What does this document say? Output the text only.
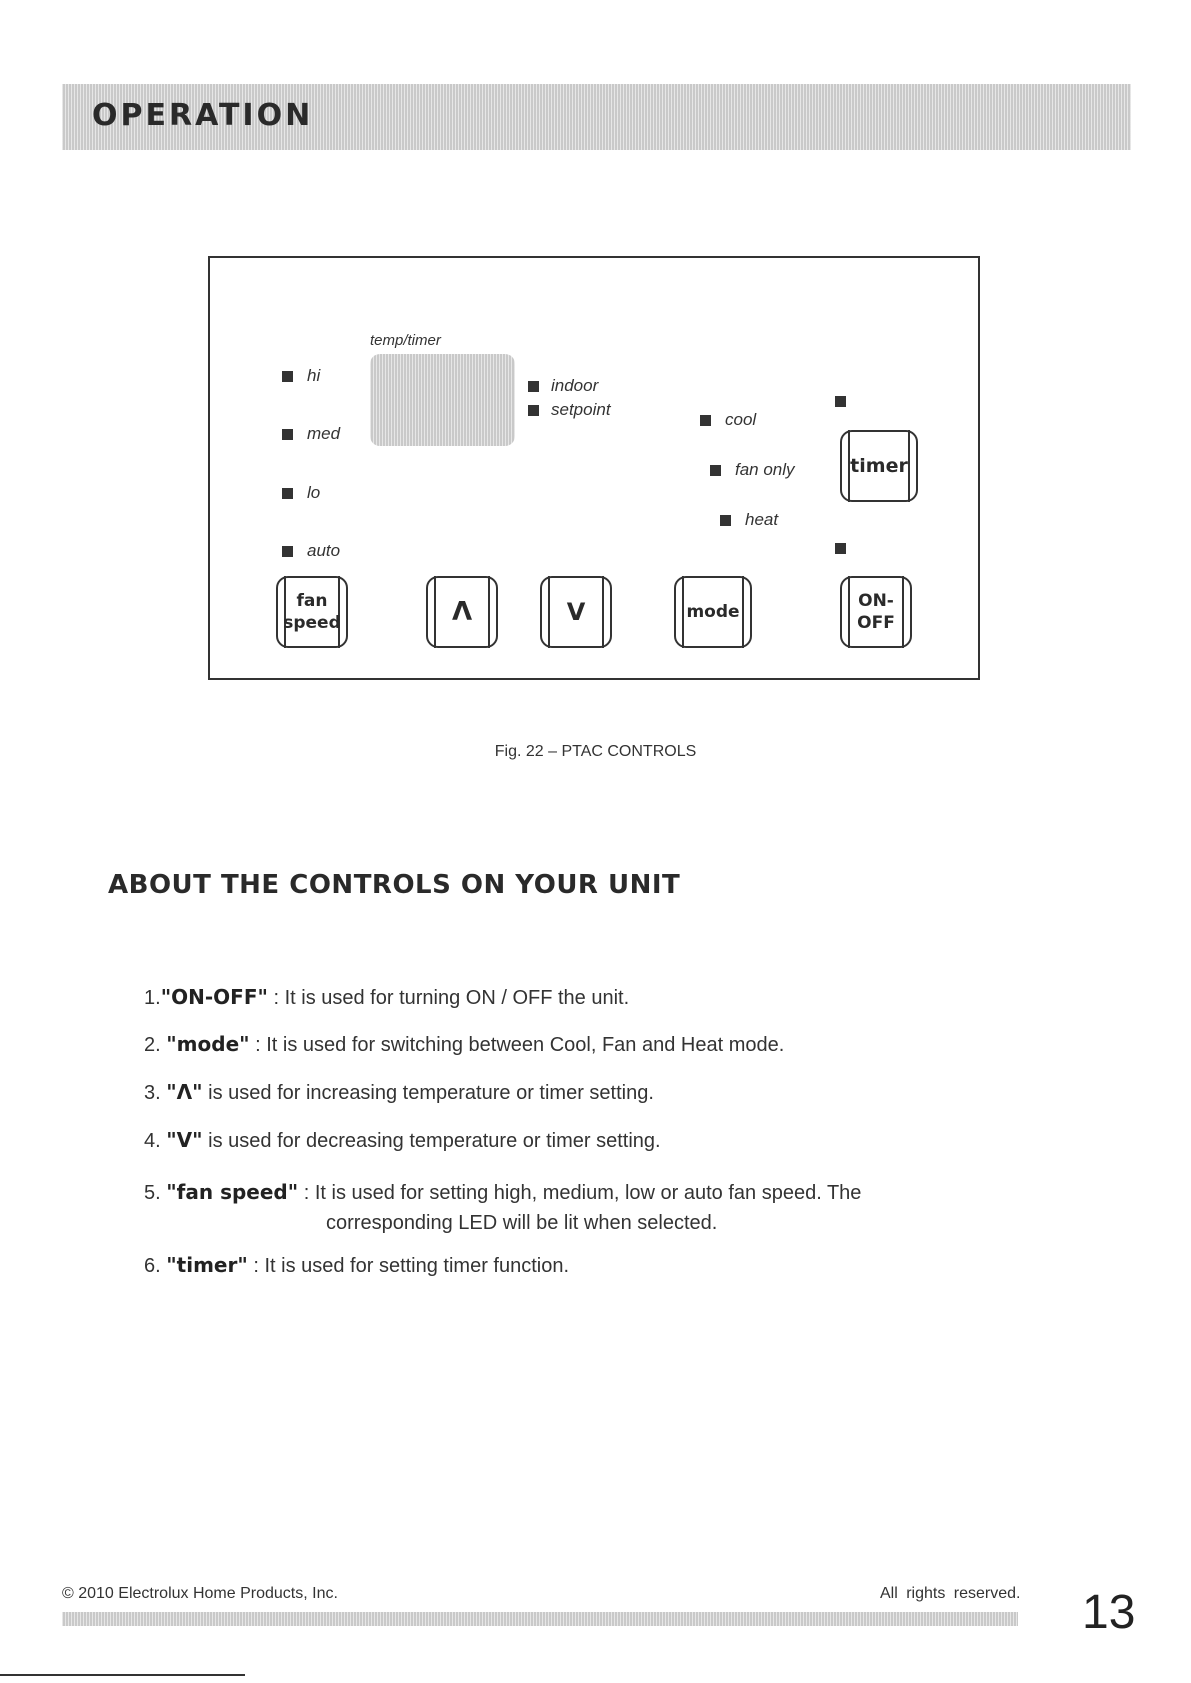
OPERATION
temp/timer
hi
med
lo
auto
indoor
setpoint
cool
fan only
heat
timer
fan
speed	Λ	V	mode
ON-
OFF
Fig. 22 – PTAC CONTROLS
ABOUT THE CONTROLS ON YOUR UNIT
1."ON-OFF" : It is used for turning ON / OFF the unit.
2. "mode" : It is used for switching between Cool, Fan and Heat mode.
3. "Λ" is used for increasing temperature or timer setting.
4. "V" is used for decreasing temperature or timer setting.
5. "fan speed" : It is used for setting high, medium, low or auto fan speed. The
corresponding LED will be lit when selected.
6. "timer" : It is used for setting timer function.
© 2010 Electrolux Home Products, Inc.	All rights reserved. 13
